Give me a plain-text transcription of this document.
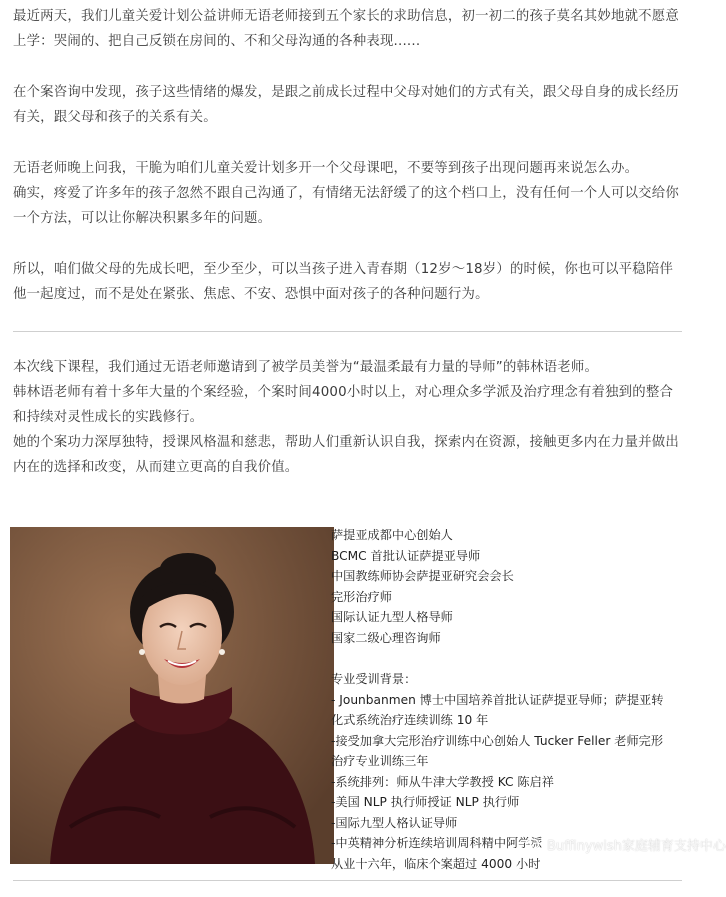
最近两天，我们儿童关爱计划公益讲师无语老师接到五个家长的求助信息，初一初二的孩子莫名其妙地就不愿意上学：哭闹的、把自己反锁在房间的、不和父母沟通的各种表现......

在个案咨询中发现，孩子这些情绪的爆发，是跟之前成长过程中父母对她们的方式有关，跟父母自身的成长经历有关，跟父母和孩子的关系有关。

无语老师晚上问我，干脆为咱们儿童关爱计划多开一个父母课吧，不要等到孩子出现问题再来说怎么办。

确实，疼爱了许多年的孩子忽然不跟自己沟通了，有情绪无法舒缓了的这个档口上，没有任何一个人可以交给你一个方法，可以让你解决积累多年的问题。

所以，咱们做父母的先成长吧，至少至少，可以当孩子进入青春期（12岁～18岁）的时候，你也可以平稳陪伴他一起度过，而不是处在紧张、焦虑、不安、恐惧中面对孩子的各种问题行为。

本次线下课程，我们通过无语老师邀请到了被学员美誉为“最温柔最有力量的导师”的韩林语老师。

韩林语老师有着十多年大量的个案经验，个案时间4000小时以上，对心理众多学派及治疗理念有着独到的整合和持续对灵性成长的实践修行。

她的个案功力深厚独特，授课风格温和慈悲，帮助人们重新认识自我，探索内在资源，接触更多内在力量并做出内在的选择和改变，从而建立更高的自我价值。

萨提亚成都中心创始人
BCMC 首批认证萨提亚导师
中国教练师协会萨提亚研究会会长
完形治疗师
国际认证九型人格导师
国家二级心理咨询师
专业受训背景：
- Jounbanmen 博士中国培养首批认证萨提亚导师；萨提亚转化式系统治疗连续训练 10 年
-接受加拿大完形治疗训练中心创始人 Tucker Feller 老师完形治疗专业训练三年
-系统排列：师从牛津大学教授 KC 陈启祥
-美国 NLP 执行师授证 NLP 执行师
-国际九型人格认证导师
-中英精神分析连续培训周科精中阿学派
从业十六年，临床个案超过 4000 小时
Buffinywish家庭辅育支持中心
